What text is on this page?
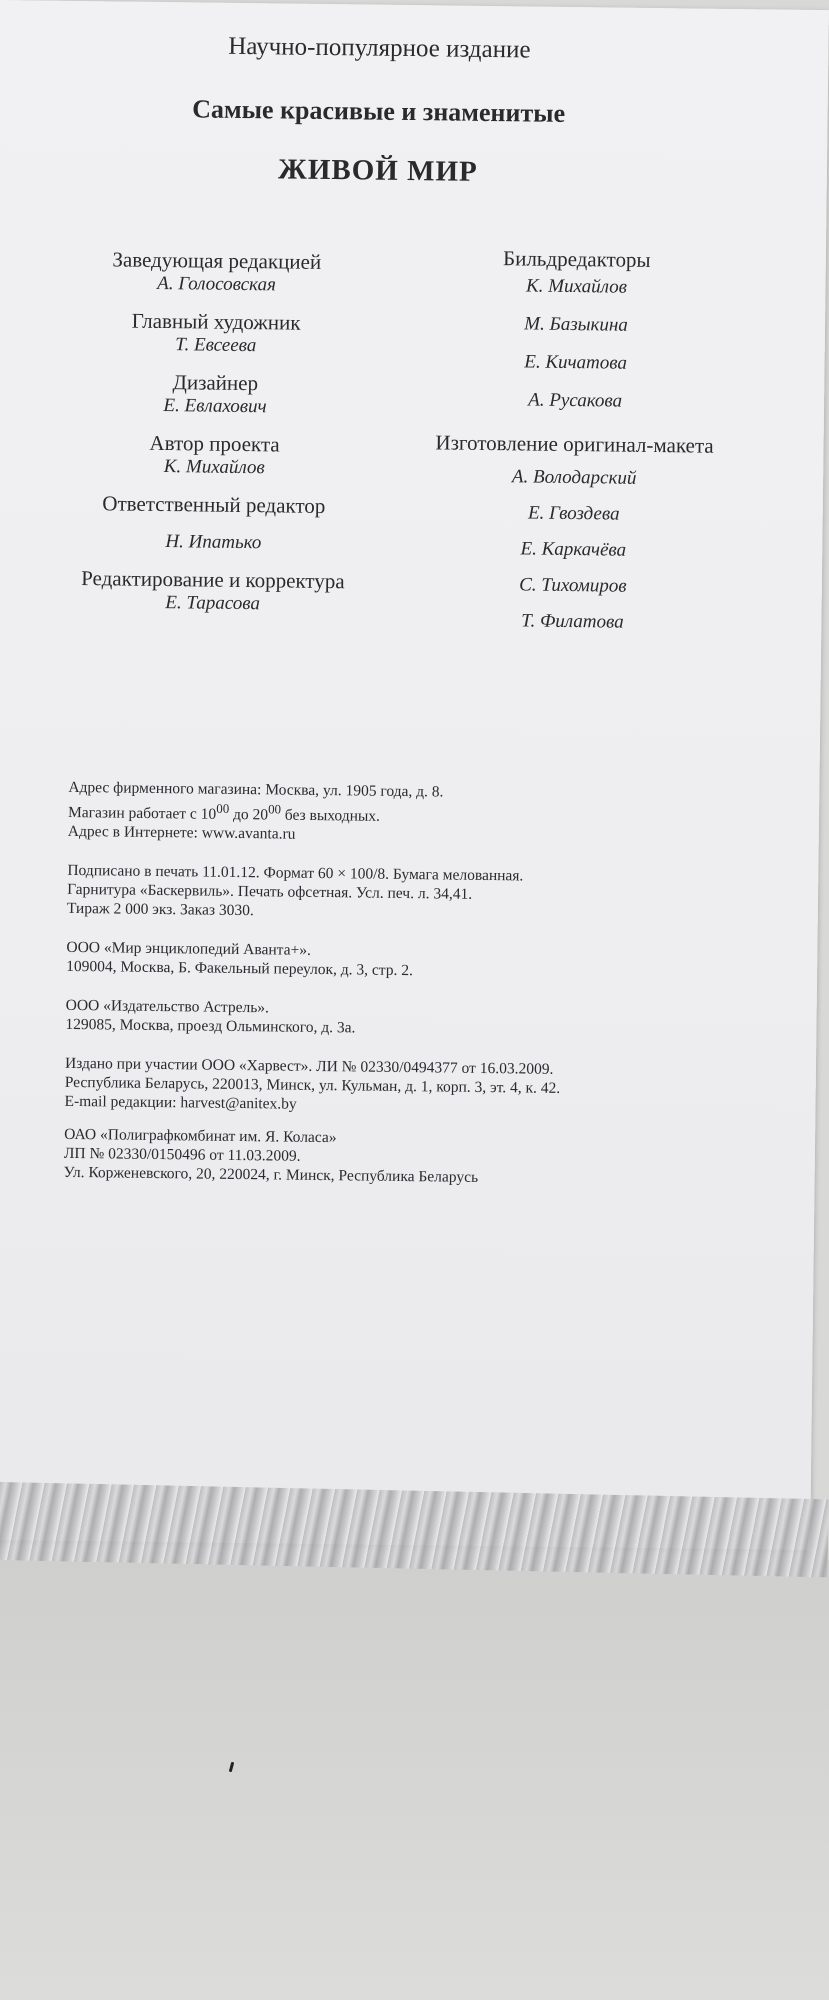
Научно-популярное издание
Самые красивые и знаменитые
ЖИВОЙ МИР
Заведующая редакцией
А. Голосовская
Главный художник
Т. Евсеева
Дизайнер
Е. Евлахович
Автор проекта
К. Михайлов
Ответственный редактор
Н. Ипатько
Редактирование и корректура
Е. Тарасова
Бильдредакторы
К. Михайлов
М. Базыкина
Е. Кичатова
А. Русакова
Изготовление оригинал-макета
А. Володарский
Е. Гвоздева
Е. Каркачёва
С. Тихомиров
Т. Филатова

Адрес фирменного магазина: Москва, ул. 1905 года, д. 8.

Магазин работает с $10^{00}$ до $20^{00}$ без выходных.

Адрес в Интернете: www.avanta.ru

Подписано в печать 11.01.12. Формат 60 × 100/8. Бумага мелованная.

Гарнитура «Баскервиль». Печать офсетная. Усл. печ. л. 34,41.

Тираж 2 000 экз. Заказ 3030.

ООО «Мир энциклопедий Аванта+».

109004, Москва, Б. Факельный переулок, д. 3, стр. 2.

ООО «Издательство Астрель».

129085, Москва, проезд Ольминского, д. 3а.

Издано при участии ООО «Харвест». ЛИ № 02330/0494377 от 16.03.2009.

Республика Беларусь, 220013, Минск, ул. Кульман, д. 1, корп. 3, эт. 4, к. 42.

E-mail редакции: harvest@anitex.by

ОАО «Полиграфкомбинат им. Я. Коласа»

ЛП № 02330/0150496 от 11.03.2009.

Ул. Корженевского, 20, 220024, г. Минск, Республика Беларусь
